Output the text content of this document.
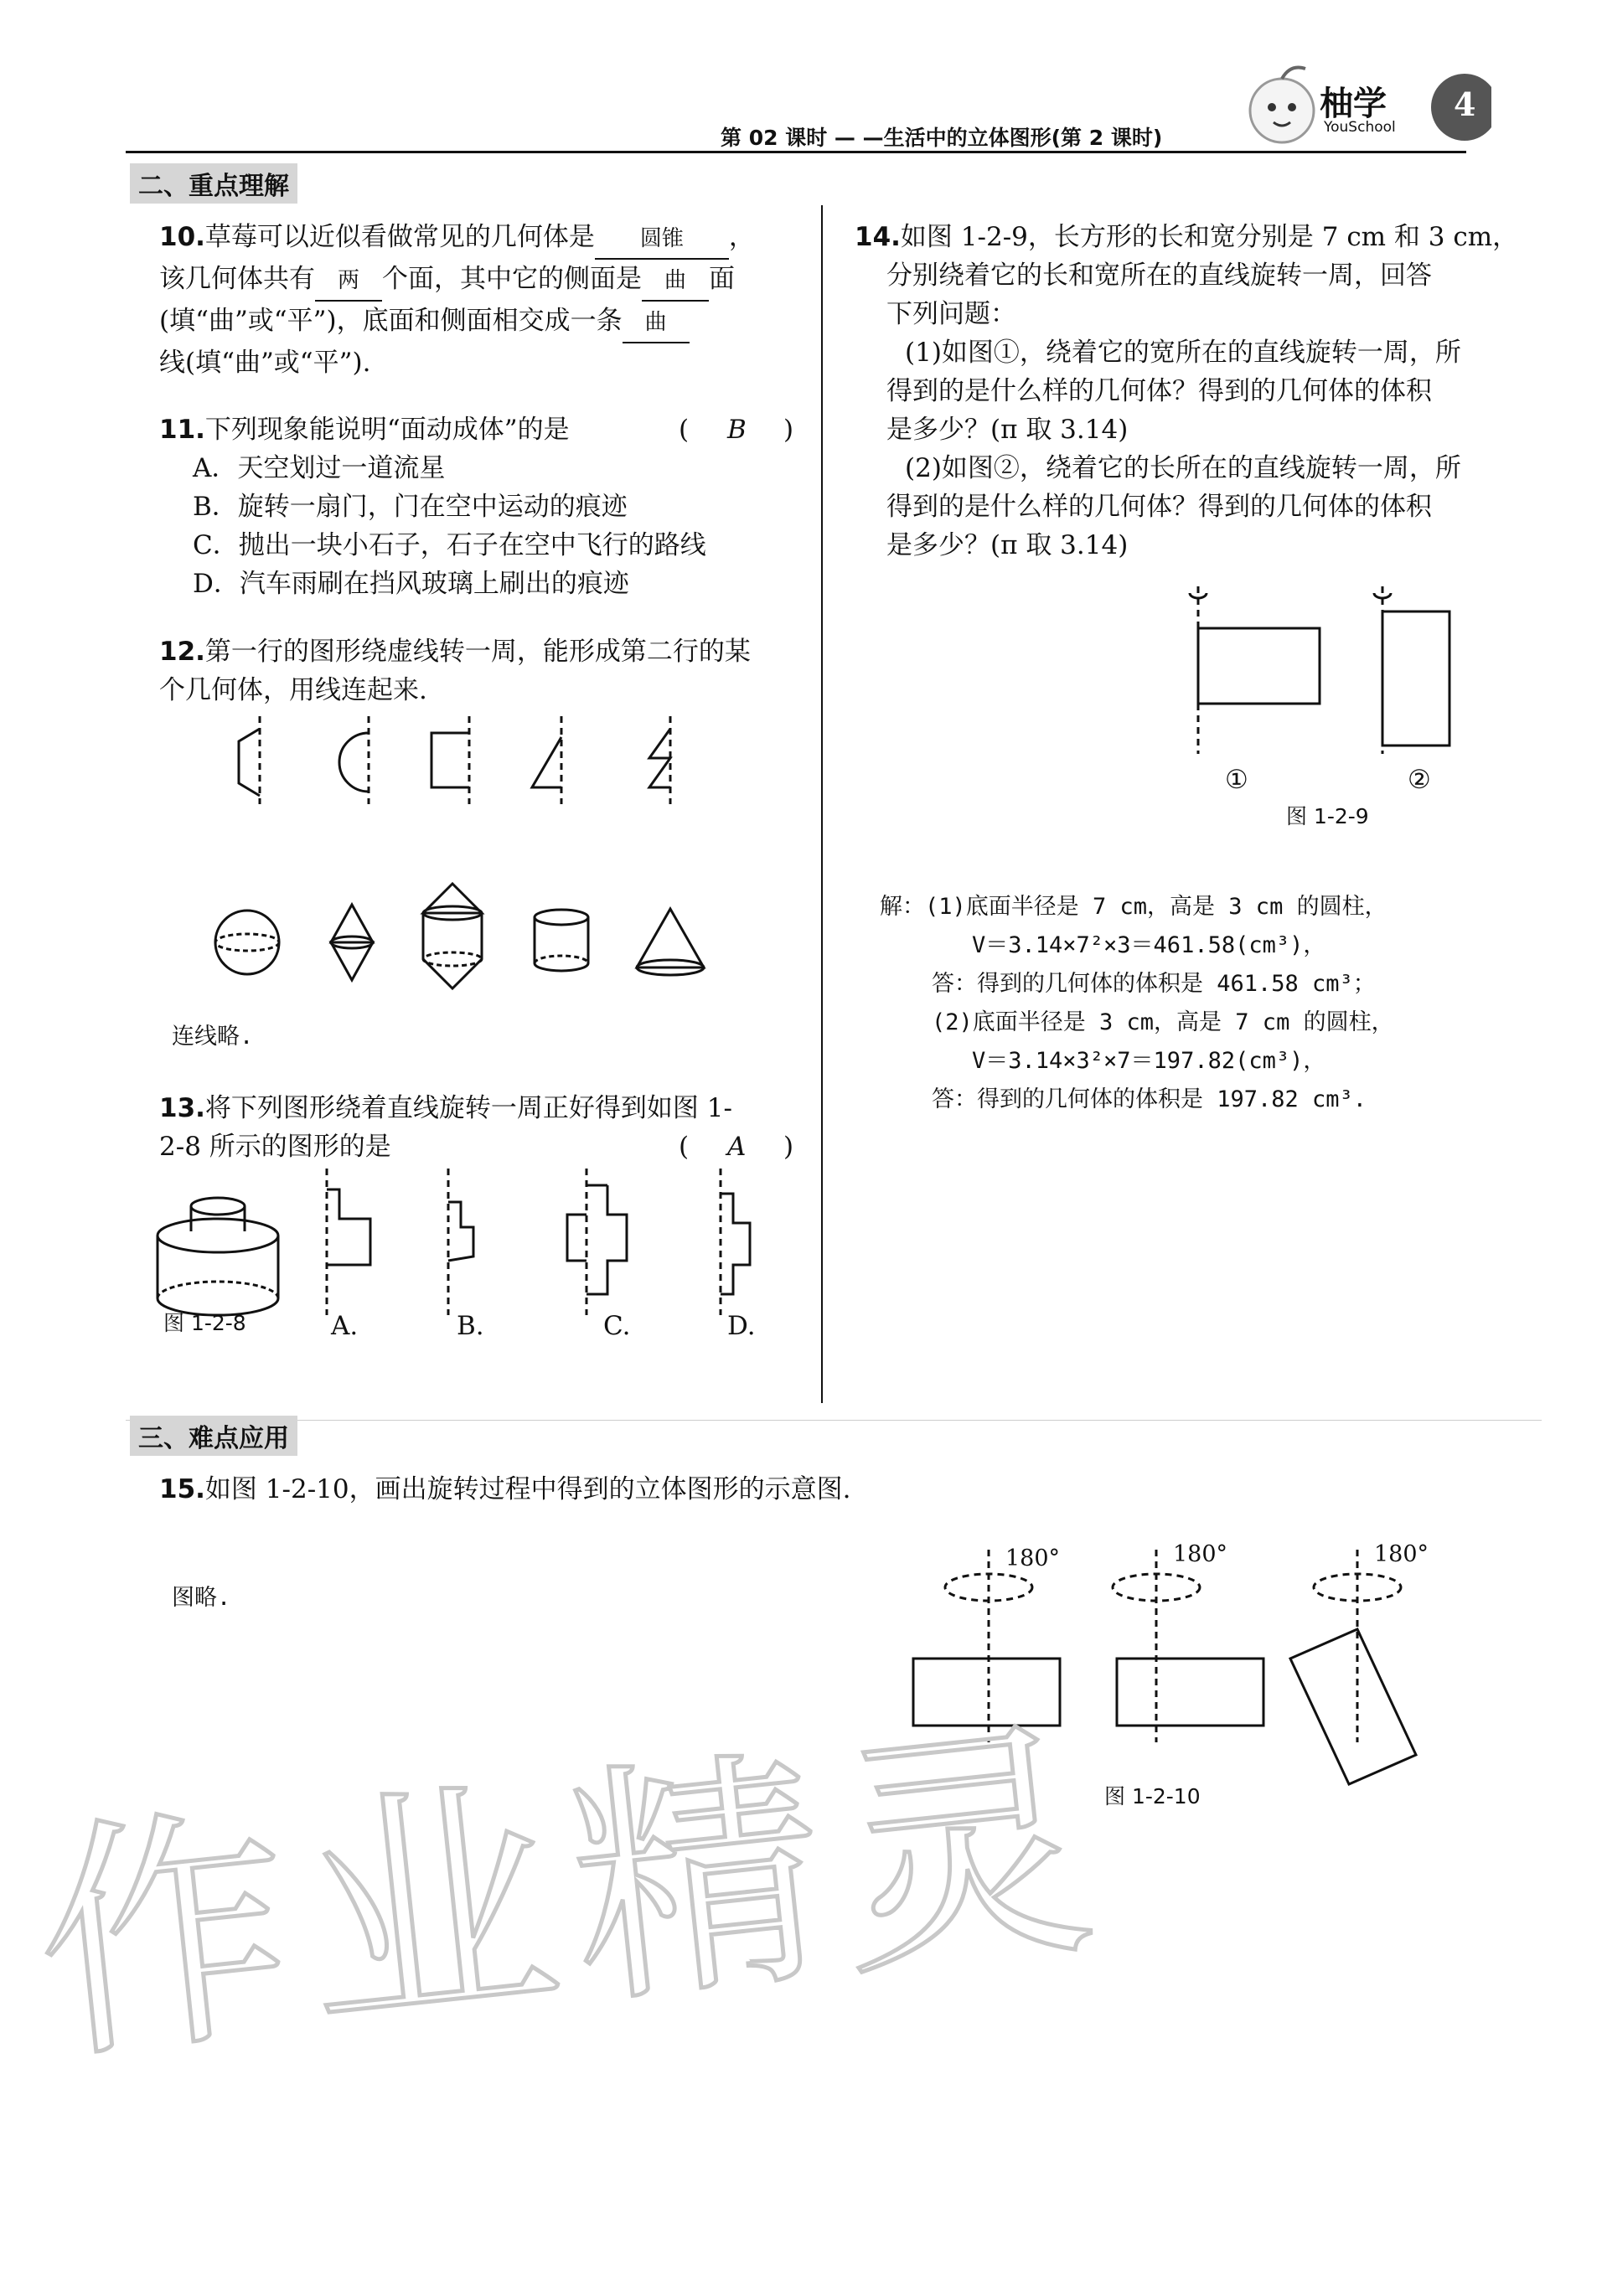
第 02 课时 — —生活中的立体图形(第 2 课时)
柚学
YouSchool
4
二、重点理解
10.草莓可以近似看做常见的几何体是 圆锥 ，
该几何体共有 两 个面，其中它的侧面是 曲 面
(填“曲”或“平”)，底面和侧面相交成一条 曲
线(填“曲”或“平”).
11.下列现象能说明“面动成体”的是
A．天空划过一道流星
B．旋转一扇门，门在空中运动的痕迹
C．抛出一块小石子，石子在空中飞行的路线
D．汽车雨刷在挡风玻璃上刷出的痕迹
( B )
12.第一行的图形绕虚线转一周，能形成第二行的某
个几何体，用线连起来.
连线略.
13.将下列图形绕着直线旋转一周正好得到如图 1-
2-8 所示的图形的是	( A )
图 1-2-8	A.	B.	C.	D.
14.如图 1-2-9，长方形的长和宽分别是 7 cm 和 3 cm，
分别绕着它的长和宽所在的直线旋转一周，回答
下列问题：
(1)如图①，绕着它的宽所在的直线旋转一周，所
得到的是什么样的几何体？得到的几何体的体积
是多少？(π 取 3.14)
(2)如图②，绕着它的长所在的直线旋转一周，所
得到的是什么样的几何体？得到的几何体的体积
是多少？(π 取 3.14)
①	②
图 1-2-9
解：(1)底面半径是 7 cm，高是 3 cm 的圆柱，
V＝3.14×7²×3＝461.58(cm³)，
答：得到的几何体的体积是 461.58 cm³；
(2)底面半径是 3 cm，高是 7 cm 的圆柱，
V＝3.14×3²×7＝197.82(cm³)，
答：得到的几何体的体积是 197.82 cm³.
三、难点应用
15.如图 1-2-10，画出旋转过程中得到的立体图形的示意图.
图略.
180°	180°	180°
图 1-2-10
作业精灵
